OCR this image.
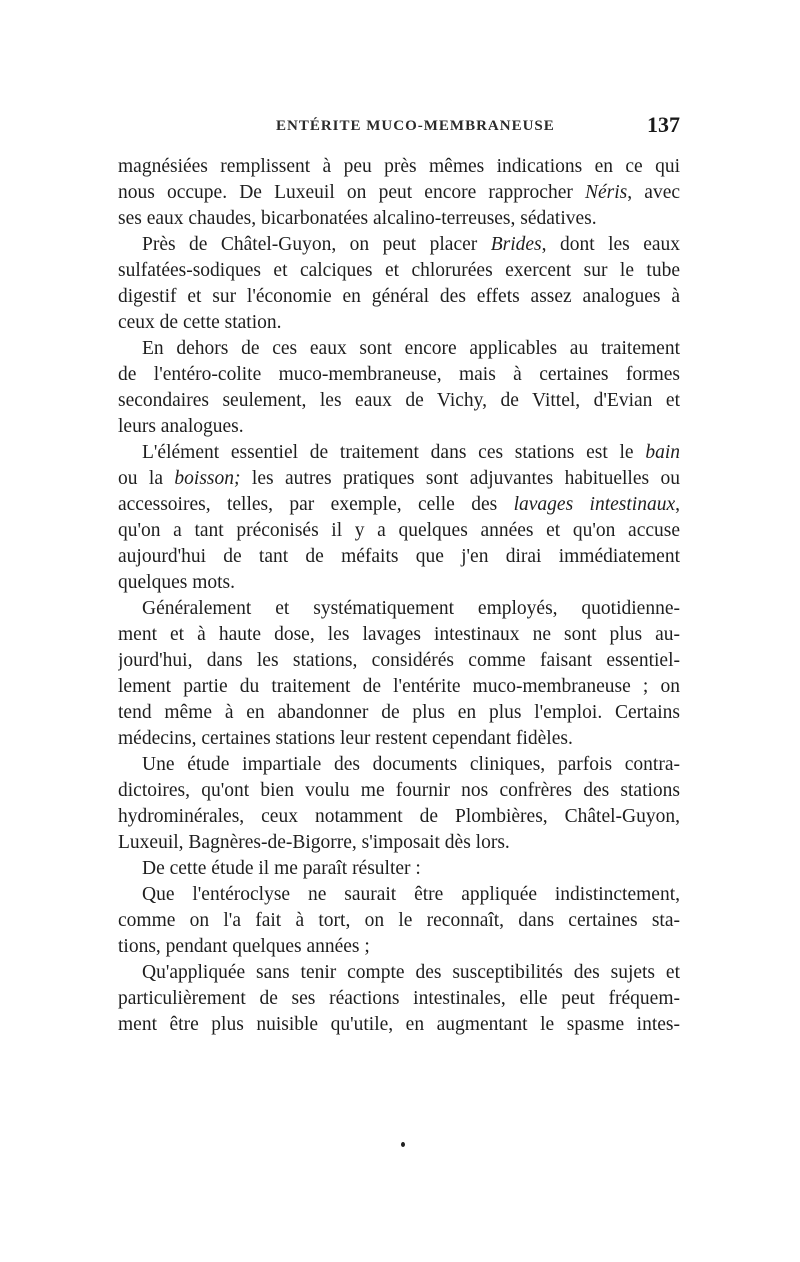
ENTÉRITE MUCO-MEMBRANEUSE	137
magnésiées remplissent à peu près mêmes indications en ce qui
nous occupe. De Luxeuil on peut encore rapprocher Néris, avec
ses eaux chaudes, bicarbonatées alcalino-terreuses, sédatives.
Près de Châtel-Guyon, on peut placer Brides, dont les eaux
sulfatées-sodiques et calciques et chlorurées exercent sur le tube
digestif et sur l'économie en général des effets assez analogues à
ceux de cette station.
En dehors de ces eaux sont encore applicables au traitement
de l'entéro-colite muco-membraneuse, mais à certaines formes
secondaires seulement, les eaux de Vichy, de Vittel, d'Evian et
leurs analogues.
L'élément essentiel de traitement dans ces stations est le bain
ou la boisson; les autres pratiques sont adjuvantes habituelles ou
accessoires, telles, par exemple, celle des lavages intestinaux,
qu'on a tant préconisés il y a quelques années et qu'on accuse
aujourd'hui de tant de méfaits que j'en dirai immédiatement
quelques mots.
Généralement et systématiquement employés, quotidienne-
ment et à haute dose, les lavages intestinaux ne sont plus au-
jourd'hui, dans les stations, considérés comme faisant essentiel-
lement partie du traitement de l'entérite muco-membraneuse ; on
tend même à en abandonner de plus en plus l'emploi. Certains
médecins, certaines stations leur restent cependant fidèles.
Une étude impartiale des documents cliniques, parfois contra-
dictoires, qu'ont bien voulu me fournir nos confrères des stations
hydrominérales, ceux notamment de Plombières, Châtel-Guyon,
Luxeuil, Bagnères-de-Bigorre, s'imposait dès lors.
De cette étude il me paraît résulter :
Que l'entéroclyse ne saurait être appliquée indistinctement,
comme on l'a fait à tort, on le reconnaît, dans certaines sta-
tions, pendant quelques années ;
Qu'appliquée sans tenir compte des susceptibilités des sujets et
particulièrement de ses réactions intestinales, elle peut fréquem-
ment être plus nuisible qu'utile, en augmentant le spasme intes-
